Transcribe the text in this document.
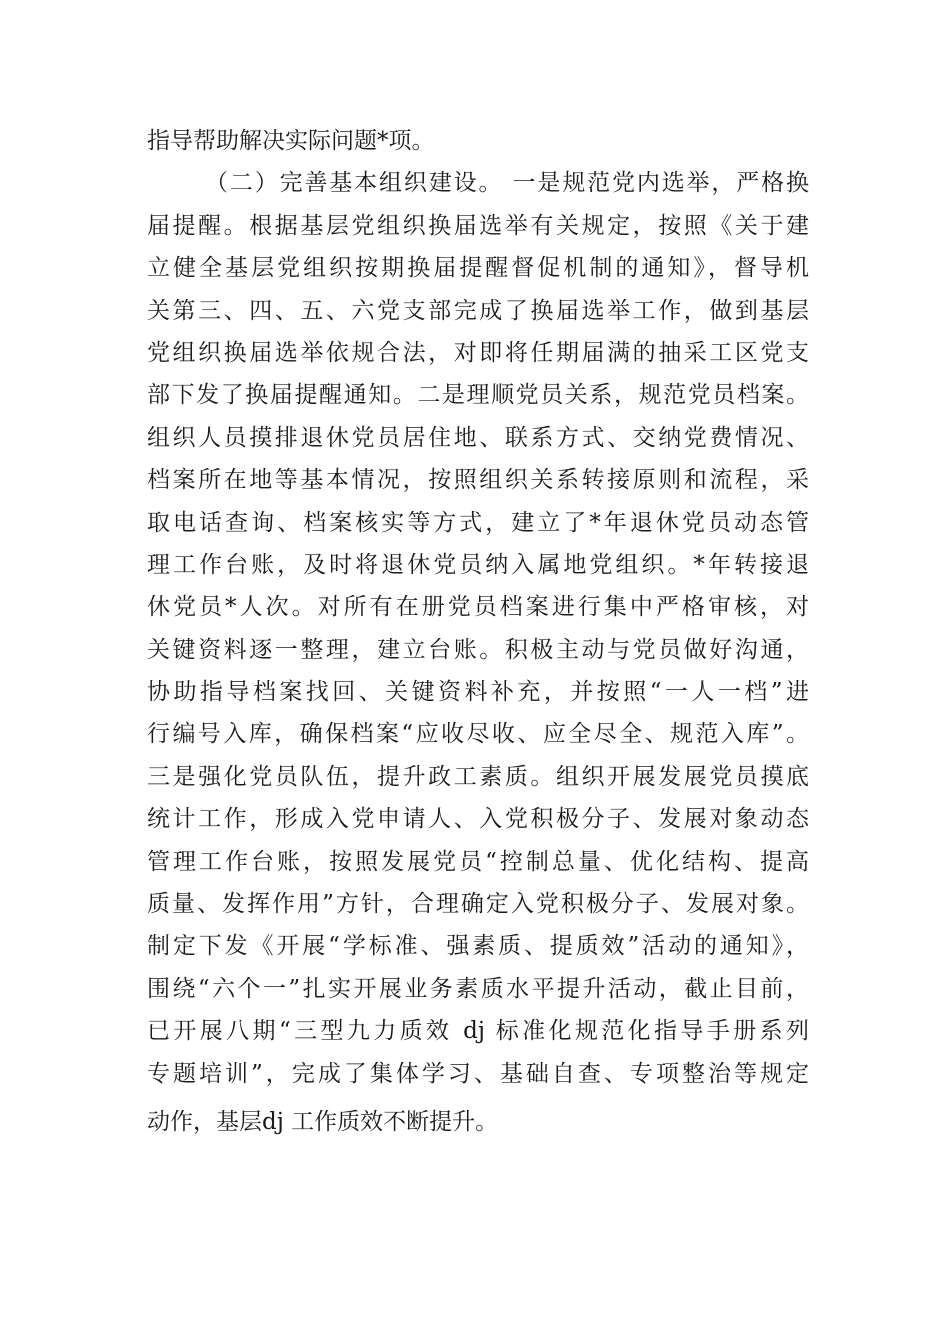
指导帮助解决实际问题*项。
（二）完善基本组织建设。 一是规范党内选举，严格换
届提醒。根据基层党组织换届选举有关规定，按照《关于建
立健全基层党组织按期换届提醒督促机制的通知》，督导机
关第三、四、五、六党支部完成了换届选举工作，做到基层
党组织换届选举依规合法，对即将任期届满的抽采工区党支
部下发了换届提醒通知。二是理顺党员关系，规范党员档案。
组织人员摸排退休党员居住地、联系方式、交纳党费情况、
档案所在地等基本情况，按照组织关系转接原则和流程，采
取电话查询、档案核实等方式，建立了*年退休党员动态管
理工作台账，及时将退休党员纳入属地党组织。*年转接退
休党员*人次。对所有在册党员档案进行集中严格审核，对
关键资料逐一整理，建立台账。积极主动与党员做好沟通，
协助指导档案找回、关键资料补充，并按照“一人一档”进
行编号入库，确保档案“应收尽收、应全尽全、规范入库”。
三是强化党员队伍，提升政工素质。组织开展发展党员摸底
统计工作，形成入党申请人、入党积极分子、发展对象动态
管理工作台账，按照发展党员“控制总量、优化结构、提高
质量、发挥作用”方针，合理确定入党积极分子、发展对象。
制定下发《开展“学标准、强素质、提质效”活动的通知》，
围绕“六个一”扎实开展业务素质水平提升活动，截止目前，
已开展八期“三型九力质效 dj 标准化规范化指导手册系列
专题培训”，完成了集体学习、基础自查、专项整治等规定
动作，基层dj 工作质效不断提升。
